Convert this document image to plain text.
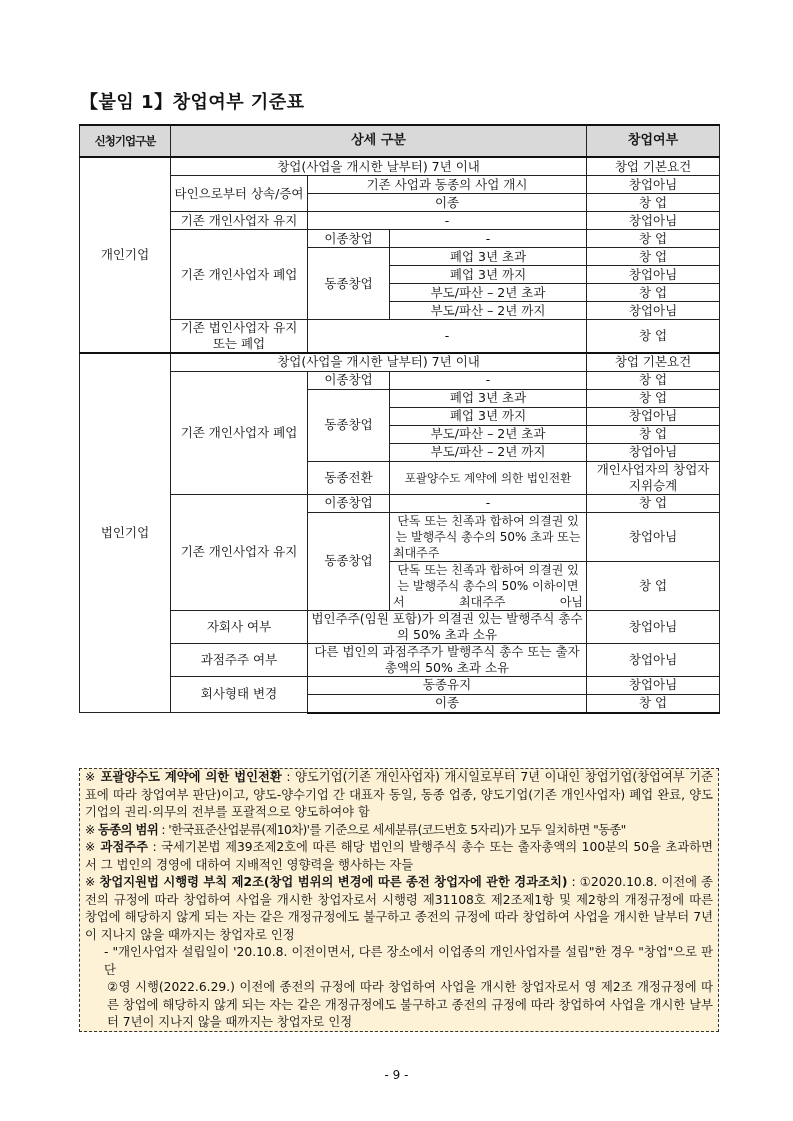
【붙임 1】창업여부 기준표
신청기업구분	상세 구분			창업여부
개인기업	창업(사업을 개시한 날부터) 7년 이내			창업 기본요건
	타인으로부터 상속/증여	기존 사업과 동종의 사업 개시		창업아님
		이종		창 업
	기존 개인사업자 유지	-		창업아님

	기존 개인사업자 폐업	이종창업	-	창 업
		동종창업	폐업 3년 초과	창 업
			폐업 3년 까지	창업아님
			부도/파산 – 2년 초과	창 업
			부도/파산 – 2년 까지	창업아님
	기존 법인사업자 유지 또는 폐업	-		창 업

법인기업	창업(사업을 개시한 날부터) 7년 이내			창업 기본요건
	기존 개인사업자 폐업	이종창업	-	창 업
		동종창업	폐업 3년 초과	창 업
			폐업 3년 까지	창업아님
			부도/파산 – 2년 초과	창 업
			부도/파산 – 2년 까지	창업아님
		동종전환	포괄양수도 계약에 의한 법인전환	개인사업자의 창업자 지위승계

	기존 개인사업자 유지	이종창업	-	창 업
		동종창업	단독 또는 친족과 합하여 의결권 있는 발행주식 총수의 50% 초과 또는 최대주주	창업아님

			단독 또는 친족과 합하여 의결권 있는 발행주식 총수의 50% 이하이면서 최대주주 아님	창 업

	자회사 여부	법인주주(임원 포함)가 의결권 있는 발행주식 총수의 50% 초과 소유		창업아님

	과점주주 여부	다른 법인의 과점주주가 발행주식 총수 또는 출자총액의 50% 초과 소유		창업아님

	회사형태 변경	동종유지		창업아님
		이종		창 업
※ 포괄양수도 계약에 의한 법인전환 : 양도기업(기존 개인사업자) 개시일로부터 7년 이내인 창업기업(창업여부 기준표에 따라 창업여부 판단)이고, 양도-양수기업 간 대표자 동일, 동종 업종, 양도기업(기존 개인사업자) 폐업 완료, 양도기업의 권리·의무의 전부를 포괄적으로 양도하여야 함
※ 동종의 범위 : '한국표준산업분류(제10차)'를 기준으로 세세분류(코드번호 5자리)가 모두 일치하면 "동종"
※ 과점주주 : 국세기본법 제39조제2호에 따른 해당 법인의 발행주식 총수 또는 출자총액의 100분의 50을 초과하면서 그 법인의 경영에 대하여 지배적인 영향력을 행사하는 자들
※ 창업지원법 시행령 부칙 제2조(창업 범위의 변경에 따른 종전 창업자에 관한 경과조치) : ①2020.10.8. 이전에 종전의 규정에 따라 창업하여 사업을 개시한 창업자로서 시행령 제31108호 제2조제1항 및 제2항의 개정규정에 따른 창업에 해당하지 않게 되는 자는 같은 개정규정에도 불구하고 종전의 규정에 따라 창업하여 사업을 개시한 날부터 7년이 지나지 않을 때까지는 창업자로 인정
- "개인사업자 설립일이 '20.10.8. 이전이면서, 다른 장소에서 이업종의 개인사업자를 설립"한 경우 "창업"으로 판단
②영 시행(2022.6.29.) 이전에 종전의 규정에 따라 창업하여 사업을 개시한 창업자로서 영 제2조 개정규정에 따른 창업에 해당하지 않게 되는 자는 같은 개정규정에도 불구하고 종전의 규정에 따라 창업하여 사업을 개시한 날부터 7년이 지나지 않을 때까지는 창업자로 인정
- 9 -
